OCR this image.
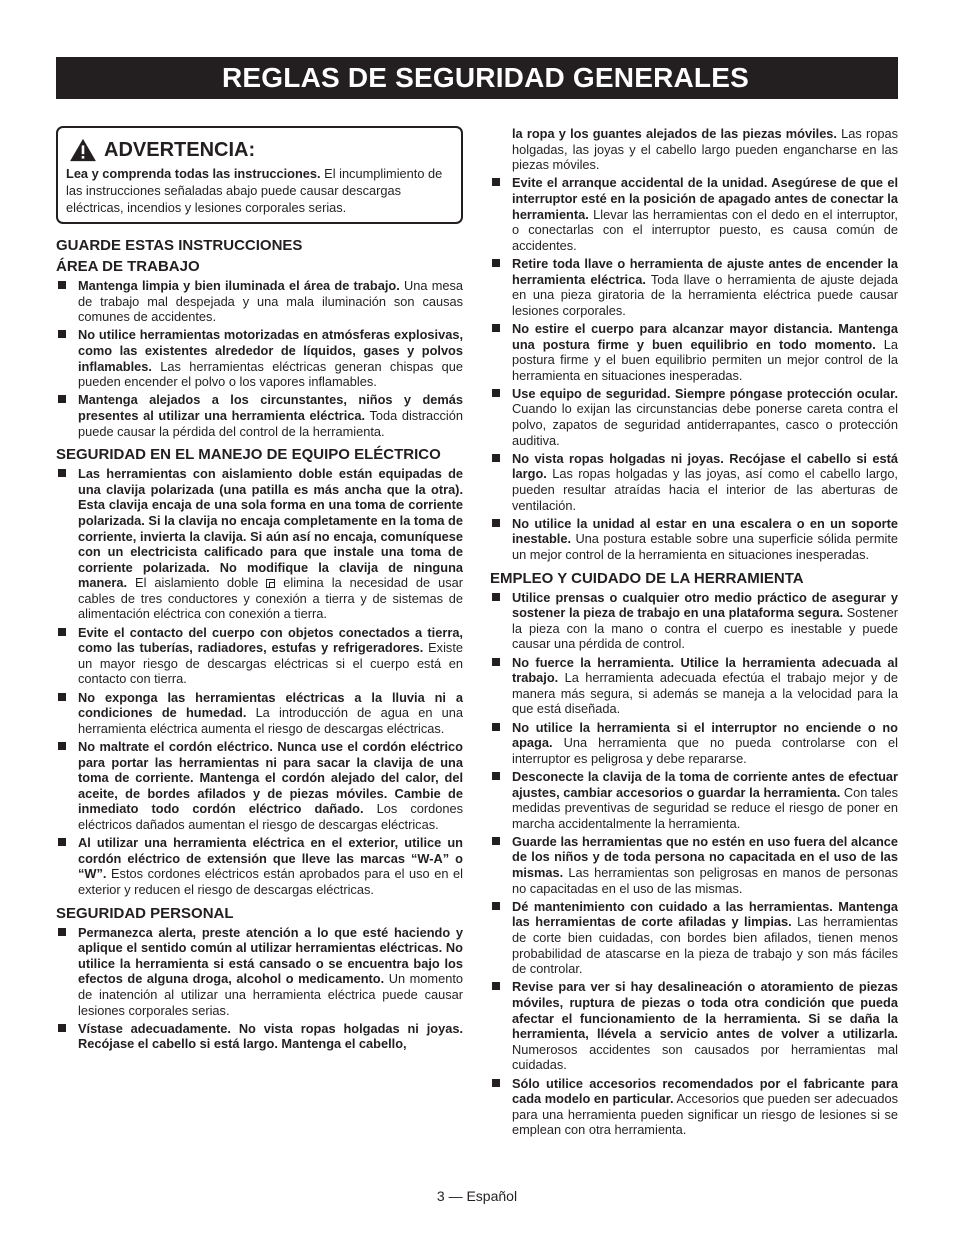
REGLAS DE SEGURIDAD GENERALES
ADVERTENCIA:

Lea y comprenda todas las instrucciones. El incumplimiento de las instrucciones señaladas abajo puede causar descargas eléctricas, incendios y lesiones corporales serias.

GUARDE ESTAS INSTRUCCIONES
ÁREA DE TRABAJO
Mantenga limpia y bien iluminada el área de trabajo. Una mesa de trabajo mal despejada y una mala iluminación son causas comunes de accidentes.
No utilice herramientas motorizadas en atmósferas explosivas, como las existentes alrededor de líquidos, gases y polvos inflamables. Las herramientas eléctricas generan chispas que pueden encender el polvo o los vapores inflamables.
Mantenga alejados a los circunstantes, niños y demás presentes al utilizar una herramienta eléctrica. Toda distracción puede causar la pérdida del control de la herramienta.
SEGURIDAD EN EL MANEJO DE EQUIPO ELÉCTRICO
Las herramientas con aislamiento doble están equipadas de una clavija polarizada (una patilla es más ancha que la otra). Esta clavija encaja de una sola forma en una toma de corriente polarizada. Si la clavija no encaja completamente en la toma de corriente, invierta la clavija. Si aún así no encaja, comuníquese con un electricista calificado para que instale una toma de corriente polarizada. No modifique la clavija de ninguna manera. El aislamiento doble  elimina la necesidad de usar cables de tres conductores y conexión a tierra y de sistemas de alimentación eléctrica con conexión a tierra.
Evite el contacto del cuerpo con objetos conectados a tierra, como las tuberías, radiadores, estufas y refrigeradores. Existe un mayor riesgo de descargas eléctricas si el cuerpo está en contacto con tierra.
No exponga las herramientas eléctricas a la lluvia ni a condiciones de humedad. La introducción de agua en una herramienta eléctrica aumenta el riesgo de descargas eléctricas.
No maltrate el cordón eléctrico. Nunca use el cordón eléctrico para portar las herramientas ni para sacar la clavija de una toma de corriente. Mantenga el cordón alejado del calor, del aceite, de bordes afilados y de piezas móviles. Cambie de inmediato todo cordón eléctrico dañado. Los cordones eléctricos dañados aumentan el riesgo de descargas eléctricas.
Al utilizar una herramienta eléctrica en el exterior, utilice un cordón eléctrico de extensión que lleve las marcas “W-A” o “W”. Estos cordones eléctricos están aprobados para el uso en el exterior y reducen el riesgo de descargas eléctricas.
SEGURIDAD PERSONAL
Permanezca alerta, preste atención a lo que esté haciendo y aplique el sentido común al utilizar herramientas eléctricas. No utilice la herramienta si está cansado o se encuentra bajo los efectos de alguna droga, alcohol o medicamento. Un momento de inatención al utilizar una herramienta eléctrica puede causar lesiones corporales serias.
Vístase adecuadamente. No vista ropas holgadas ni joyas. Recójase el cabello si está largo. Mantenga el cabello,
la ropa y los guantes alejados de las piezas móviles. Las ropas holgadas, las joyas y el cabello largo pueden engancharse en las piezas móviles.
Evite el arranque accidental de la unidad. Asegúrese de que el interruptor esté en la posición de apagado antes de conectar la herramienta. Llevar las herramientas con el dedo en el interruptor, o conectarlas con el interruptor puesto, es causa común de accidentes.
Retire toda llave o herramienta de ajuste antes de encender la herramienta eléctrica. Toda llave o herramienta de ajuste dejada en una pieza giratoria de la herramienta eléctrica puede causar lesiones corporales.
No estire el cuerpo para alcanzar mayor distancia. Mantenga una postura firme y buen equilibrio en todo momento. La postura firme y el buen equilibrio permiten un mejor control de la herramienta en situaciones inesperadas.
Use equipo de seguridad. Siempre póngase protección ocular. Cuando lo exijan las circunstancias debe ponerse careta contra el polvo, zapatos de seguridad antiderrapantes, casco o protección auditiva.
No vista ropas holgadas ni joyas. Recójase el cabello si está largo. Las ropas holgadas y las joyas, así como el cabello largo, pueden resultar atraídas hacia el interior de las aberturas de ventilación.
No utilice la unidad al estar en una escalera o en un soporte inestable. Una postura estable sobre una superficie sólida permite un mejor control de la herramienta en situaciones inesperadas.
EMPLEO Y CUIDADO DE LA HERRAMIENTA
Utilice prensas o cualquier otro medio práctico de asegurar y sostener la pieza de trabajo en una plataforma segura. Sostener la pieza con la mano o contra el cuerpo es inestable y puede causar una pérdida de control.
No fuerce la herramienta. Utilice la herramienta adecuada al trabajo. La herramienta adecuada efectúa el trabajo mejor y de manera más segura, si además se maneja a la velocidad para la que está diseñada.
No utilice la herramienta si el interruptor no enciende o no apaga. Una herramienta que no pueda controlarse con el interruptor es peligrosa y debe repararse.
Desconecte la clavija de la toma de corriente antes de efectuar ajustes, cambiar accesorios o guardar la herramienta. Con tales medidas preventivas de seguridad se reduce el riesgo de poner en marcha accidentalmente la herramienta.
Guarde las herramientas que no estén en uso fuera del alcance de los niños y de toda persona no capacitada en el uso de las mismas. Las herramientas son peligrosas en manos de personas no capacitadas en el uso de las mismas.
Dé mantenimiento con cuidado a las herramientas. Mantenga las herramientas de corte afiladas y limpias. Las herramientas de corte bien cuidadas, con bordes bien afilados, tienen menos probabilidad de atascarse en la pieza de trabajo y son más fáciles de controlar.
Revise para ver si hay desalineación o atoramiento de piezas móviles, ruptura de piezas o toda otra condición que pueda afectar el funcionamiento de la herramienta. Si se daña la herramienta, llévela a servicio antes de volver a utilizarla. Numerosos accidentes son causados por herramientas mal cuidadas.
Sólo utilice accesorios recomendados por el fabricante para cada modelo en particular. Accesorios que pueden ser adecuados para una herramienta pueden significar un riesgo de lesiones si se emplean con otra herramienta.
3 — Español
